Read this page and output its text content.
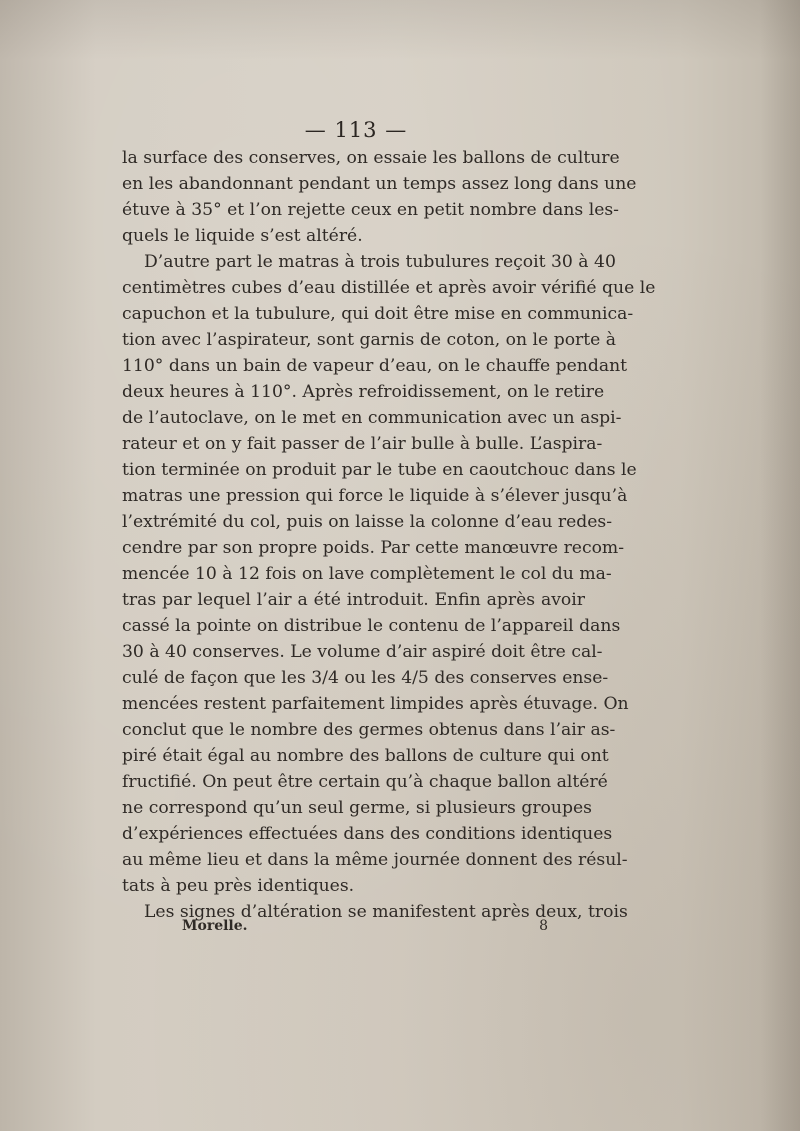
— 113 —
la surface des conserves, on essaie les ballons de culture
en les abandonnant pendant un temps assez long dans une
étuve à 35° et l’on rejette ceux en petit nombre dans les-
quels le liquide s’est altéré.
D’autre part le matras à trois tubulures reçoit 30 à 40
centimètres cubes d’eau distillée et après avoir vérifié que le
capuchon et la tubulure, qui doit être mise en communica-
tion avec l’aspirateur, sont garnis de coton, on le porte à
110° dans un bain de vapeur d’eau, on le chauffe pendant
deux heures à 110°. Après refroidissement, on le retire
de l’autoclave, on le met en communication avec un aspi-
rateur et on y fait passer de l’air bulle à bulle. L’aspira-
tion terminée on produit par le tube en caoutchouc dans le
matras une pression qui force le liquide à s’élever jusqu’à
l’extrémité du col, puis on laisse la colonne d’eau redes-
cendre par son propre poids. Par cette manœuvre recom-
mencée 10 à 12 fois on lave complètement le col du ma-
tras par lequel l’air a été introduit. Enfin après avoir
cassé la pointe on distribue le contenu de l’appareil dans
30 à 40 conserves. Le volume d’air aspiré doit être cal-
culé de façon que les 3/4 ou les 4/5 des conserves ense-
mencées restent parfaitement limpides après étuvage. On
conclut que le nombre des germes obtenus dans l’air as-
piré était égal au nombre des ballons de culture qui ont
fructifié. On peut être certain qu’à chaque ballon altéré
ne correspond qu’un seul germe, si plusieurs groupes
d’expériences effectuées dans des conditions identiques
au même lieu et dans la même journée donnent des résul-
tats à peu près identiques.
Les signes d’altération se manifestent après deux, trois
Morelle.	8
